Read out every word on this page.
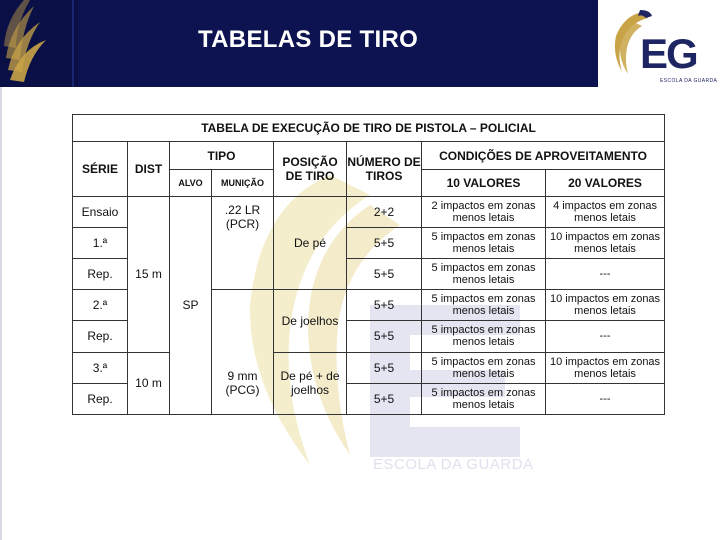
TABELAS DE TIRO	EG
ESCOLA DA GUARDA
ESCOLA DA GUARDA
TABELA DE EXECUÇÃO DE TIRO DE PISTOLA – POLICIAL							
SÉRIE	DIST	TIPO		POSIÇÃO DE TIRO	NÚMERO DE TIROS	CONDIÇÕES DE APROVEITAMENTO	
		ALVO	MUNIÇÃO			10 VALORES	20 VALORES
Ensaio	15 m	SP	.22 LR (PCR)	De pé	2+2	2 impactos em zonas menos letais	4 impactos em zonas menos letais
1.ª					5+5	5 impactos em zonas menos letais	10 impactos em zonas menos letais
Rep.					5+5	5 impactos em zonas menos letais	---
2.ª				De joelhos	5+5	5 impactos em zonas menos letais	10 impactos em zonas menos letais
Rep.					5+5	5 impactos em zonas menos letais	---
3.ª	10 m		9 mm (PCG)	De pé + de joelhos	5+5	5 impactos em zonas menos letais	10 impactos em zonas menos letais
Rep.					5+5	5 impactos em zonas menos letais	---
